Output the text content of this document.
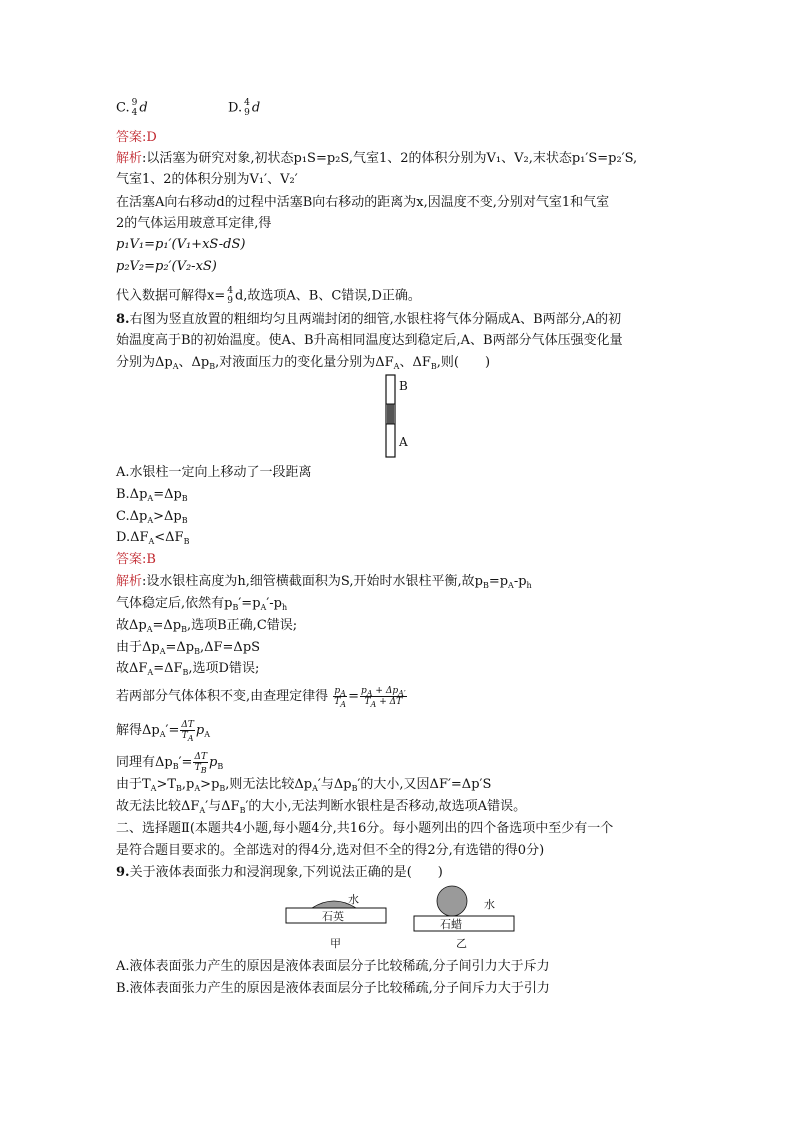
C. 9
4 d	D. 4
9 d
答案:D
解析:以活塞为研究对象,初状态p₁S=p₂S,气室1、2的体积分别为V₁、V₂,末状态p₁′S=p₂′S,
气室1、2的体积分别为V₁′、V₂′
在活塞A向右移动d的过程中活塞B向右移动的距离为x,因温度不变,分别对气室1和气室
2的气体运用玻意耳定律,得
p₁V₁=p₁′(V₁+xS-dS)
p₂V₂=p₂′(V₂-xS)
代入数据可解得x= 4
9 d,故选项A、B、C错误,D正确。
8.右图为竖直放置的粗细均匀且两端封闭的细管,水银柱将气体分隔成A、B两部分,A的初
始温度高于B的初始温度。使A、B升高相同温度达到稳定后,A、B两部分气体压强变化量
分别为$\Delta p_A$、$\Delta p_B$,对液面压力的变化量分别为$\Delta F_A$、$\Delta F_B$,则(　　)
B
A
A.水银柱一定向上移动了一段距离
$B.\Delta p_A=\Delta p_B$
$C.\Delta p_A>\Delta p_B$
$D.\Delta F_A<\Delta F_B$
答案:B
解析:设水银柱高度为h,细管横截面积为S,开始时水银柱平衡,故$p_B=p_A-p_h$
气体稳定后,依然有$p_B'=p_A'-p_h$
故$\Delta p_A=\Delta p_B$,选项B正确,C错误;
由于$\Delta p_A=\Delta p_B,\Delta F=\Delta pS$
故$\Delta F_A=\Delta F_B$,选项D错误;
若两部分气体体积不变,由查理定律得 $\frac{p_A}{T_A} = p_A + \Delta p_{A'}$
$T_A + \Delta T$
解得$\Delta p_A'= \frac{\Delta T}{T_A} p_A$
同理有$\Delta p_B'= \frac{\Delta T}{T_B} p_B$
由于$T_A>T_B,p_A>p_B$,则无法比较$\Delta p_A'$与$\Delta p_B'$的大小,又因ΔF′=Δp′S
故无法比较$\Delta F_A'$与$\Delta F_B'$的大小,无法判断水银柱是否移动,故选项A错误。
二、选择题Ⅱ(本题共4小题,每小题4分,共16分。每小题列出的四个备选项中至少有一个
是符合题目要求的。全部选对的得4分,选对但不全的得2分,有选错的得0分)
9.关于液体表面张力和浸润现象,下列说法正确的是(　　)
水
石英
甲
水
石蜡
乙
A.液体表面张力产生的原因是液体表面层分子比较稀疏,分子间引力大于斥力
B.液体表面张力产生的原因是液体表面层分子比较稀疏,分子间斥力大于引力
